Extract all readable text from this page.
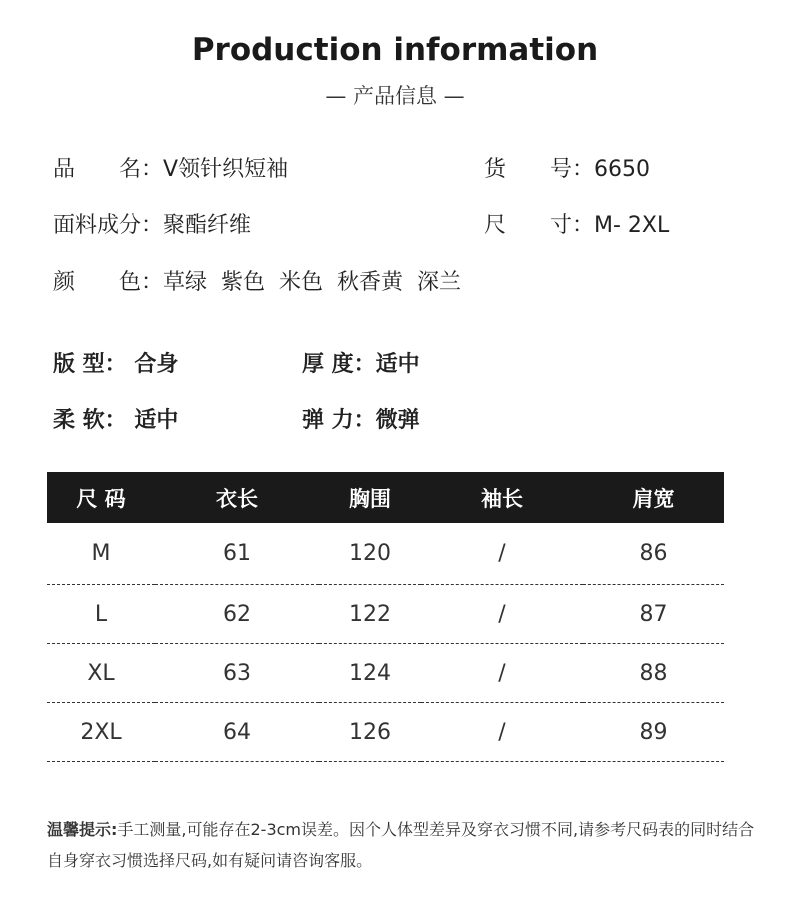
Production information
— 产品信息 —
品　　名：V领针织短袖	货　　号：6650
面料成分：聚酯纤维	尺　　寸：M- 2XL
颜　　色：草绿  紫色  米色  秋香黄  深兰
版 型： 合身	厚 度：适中
柔 软： 适中	弹 力：微弹
尺 码	衣长	胸围	袖长	肩宽
M	61	120	/	86
L	62	122	/	87
XL	63	124	/	88
2XL	64	126	/	89
温馨提示:手工测量,可能存在2-3cm误差。因个人体型差异及穿衣习惯不同,请参考尺码表的同时结合自身穿衣习惯选择尺码,如有疑问请咨询客服。
